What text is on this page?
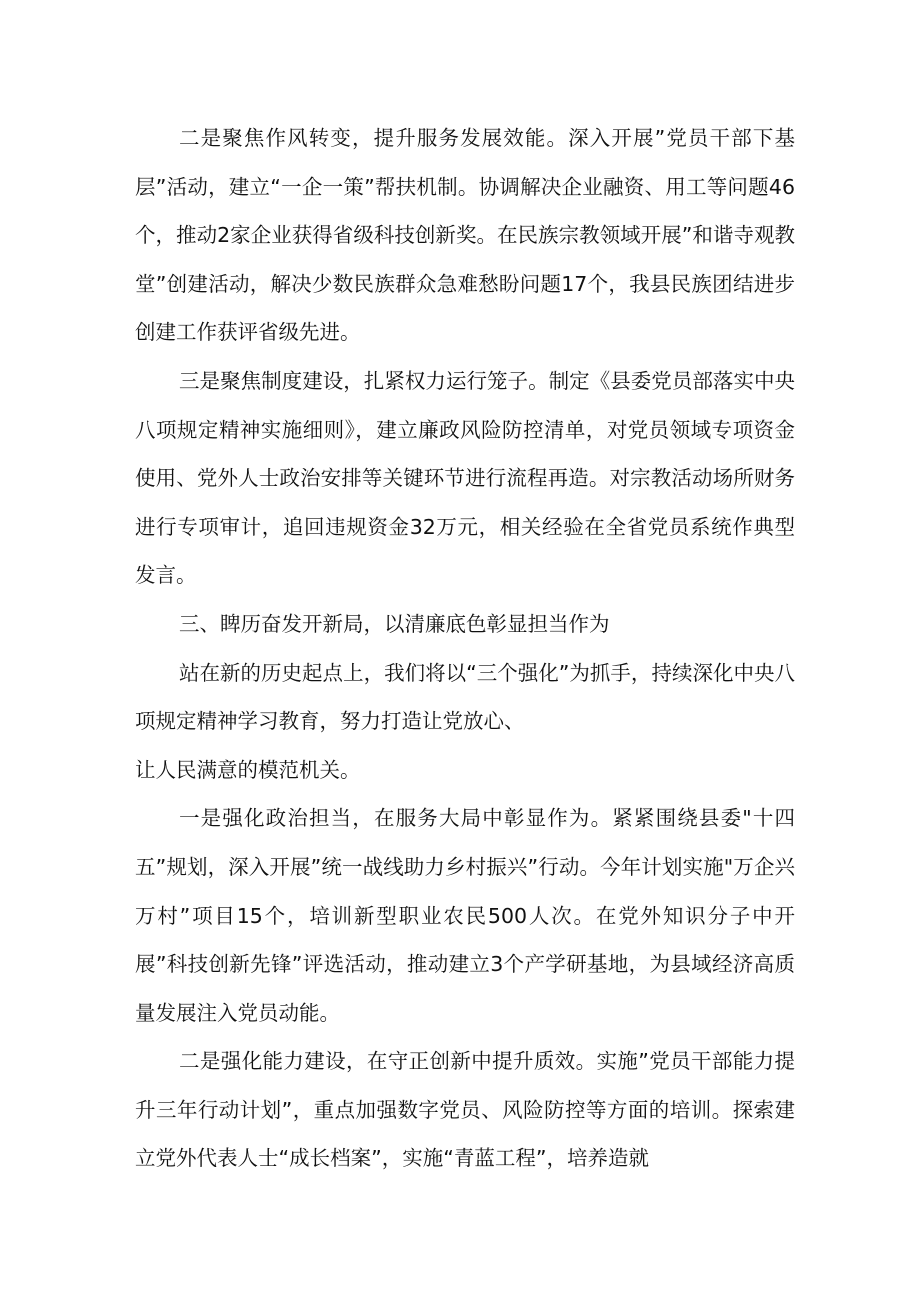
二是聚焦作风转变，提升服务发展效能。深入开展”党员干部下基层”活动，建立“一企一策”帮扶机制。协调解决企业融资、用工等问题46个，推动2家企业获得省级科技创新奖。在民族宗教领域开展”和谐寺观教堂”创建活动，解决少数民族群众急难愁盼问题17个，我县民族团结进步创建工作获评省级先进。

三是聚焦制度建设，扎紧权力运行笼子。制定《县委党员部落实中央八项规定精神实施细则》，建立廉政风险防控清单，对党员领域专项资金使用、党外人士政治安排等关键环节进行流程再造。对宗教活动场所财务进行专项审计，追回违规资金32万元，相关经验在全省党员系统作典型发言。

三、睥历奋发开新局，以清廉底色彰显担当作为

站在新的历史起点上，我们将以“三个强化”为抓手，持续深化中央八项规定精神学习教育，努力打造让党放心、

让人民满意的模范机关。

一是强化政治担当，在服务大局中彰显作为。紧紧围绕县委"十四五”规划，深入开展”统一战线助力乡村振兴”行动。今年计划实施"万企兴万村”项目15个，培训新型职业农民500人次。在党外知识分子中开展”科技创新先锋”评选活动，推动建立3个产学研基地，为县域经济高质量发展注入党员动能。

二是强化能力建设，在守正创新中提升质效。实施”党员干部能力提升三年行动计划”，重点加强数字党员、风险防控等方面的培训。探索建立党外代表人士“成长档案”，实施“青蓝工程”，培养造就
